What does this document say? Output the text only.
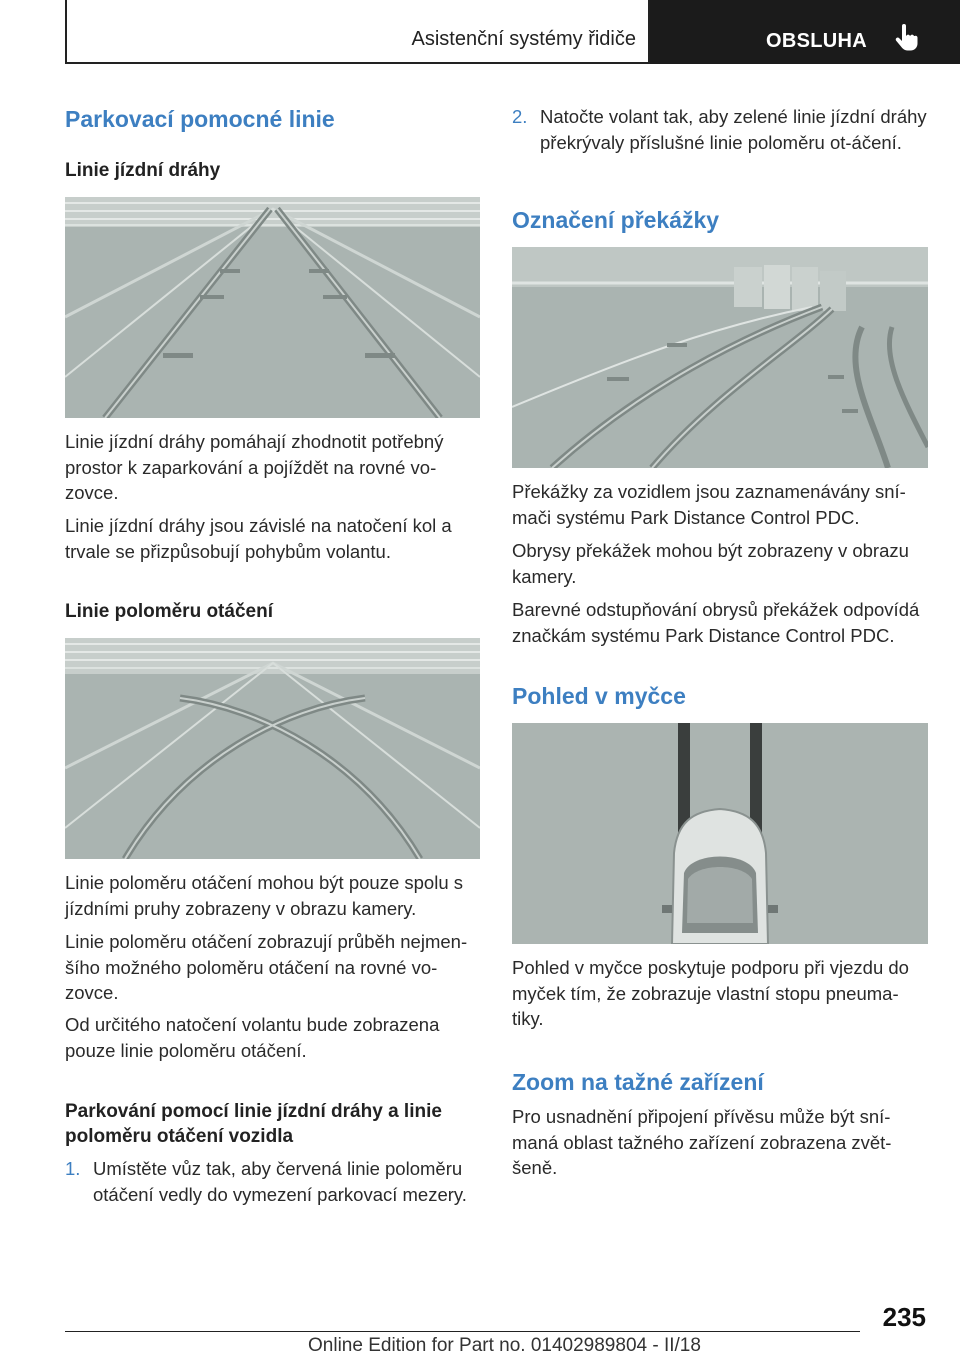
Asistenční systémy řidiče	OBSLUHA
Parkovací pomocné linie
Linie jízdní dráhy

Linie jízdní dráhy pomáhají zhodnotit potřebný prostor k zaparkování a pojíždět na rovné vo-zovce.

Linie jízdní dráhy jsou závislé na natočení kol a trvale se přizpůsobují pohybům volantu.

Linie poloměru otáčení

Linie poloměru otáčení mohou být pouze spolu s jízdními pruhy zobrazeny v obrazu kamery.

Linie poloměru otáčení zobrazují průběh nejmen-šího možného poloměru otáčení na rovné vo-zovce.

Od určitého natočení volantu bude zobrazena pouze linie poloměru otáčení.

Parkování pomocí linie jízdní dráhy a linie poloměru otáčení vozidla
1. Umístěte vůz tak, aby červená linie poloměru otáčení vedly do vymezení parkovací mezery.

2. Natočte volant tak, aby zelené linie jízdní dráhy překrývaly příslušné linie poloměru ot-áčení.

Označení překážky

Překážky za vozidlem jsou zaznamenávány sní-mači systému Park Distance Control PDC.

Obrysy překážek mohou být zobrazeny v obrazu kamery.

Barevné odstupňování obrysů překážek odpovídá značkám systému Park Distance Control PDC.

Pohled v myčce

Pohled v myčce poskytuje podporu při vjezdu do myček tím, že zobrazuje vlastní stopu pneuma-tiky.

Zoom na tažné zařízení

Pro usnadnění připojení přívěsu může být sní-maná oblast tažného zařízení zobrazena zvět-šeně.

235
Online Edition for Part no. 01402989804 - II/18
